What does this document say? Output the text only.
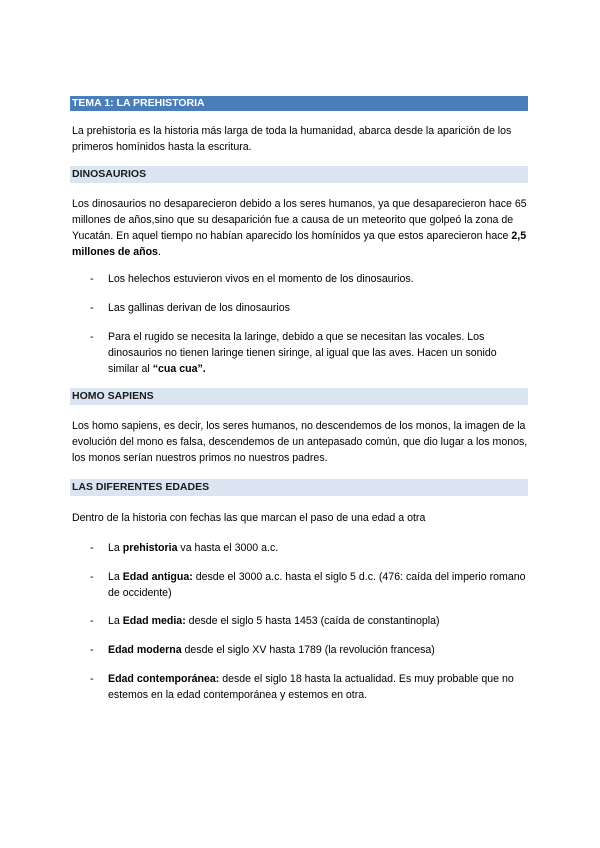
TEMA 1: LA PREHISTORIA

La prehistoria es la historia más larga de toda la humanidad, abarca desde la aparición de los primeros homínidos hasta la escritura.

DINOSAURIOS

Los dinosaurios no desaparecieron debido a los seres humanos, ya que desaparecieron hace 65 millones de años,sino que su desaparición fue a causa de un meteorito que golpeó la zona de Yucatán. En aquel tiempo no habían aparecido los homínidos ya que estos aparecieron hace 2,5 millones de años.

- Los helechos estuvieron vivos en el momento de los dinosaurios.
- Las gallinas derivan de los dinosaurios
- Para el rugido se necesita la laringe, debido a que se necesitan las vocales. Los dinosaurios no tienen laringe tienen siringe, al igual que las aves. Hacen un sonido similar al “cua cua”.
HOMO SAPIENS

Los homo sapiens, es decir, los seres humanos, no descendemos de los monos, la imagen de la evolución del mono es falsa, descendemos de un antepasado común, que dio lugar a los monos, los monos serían nuestros primos no nuestros padres.

LAS DIFERENTES EDADES

Dentro de la historia con fechas las que marcan el paso de una edad a otra

- La prehistoria va hasta el 3000 a.c.
- La Edad antigua: desde el 3000 a.c. hasta el siglo 5 d.c. (476: caída del imperio romano de occidente)
- La Edad media: desde el siglo 5 hasta 1453 (caída de constantinopla)
- Edad moderna desde el siglo XV hasta 1789 (la revolución francesa)
- Edad contemporánea: desde el siglo 18 hasta la actualidad. Es muy probable que no estemos en la edad contemporánea y estemos en otra.
